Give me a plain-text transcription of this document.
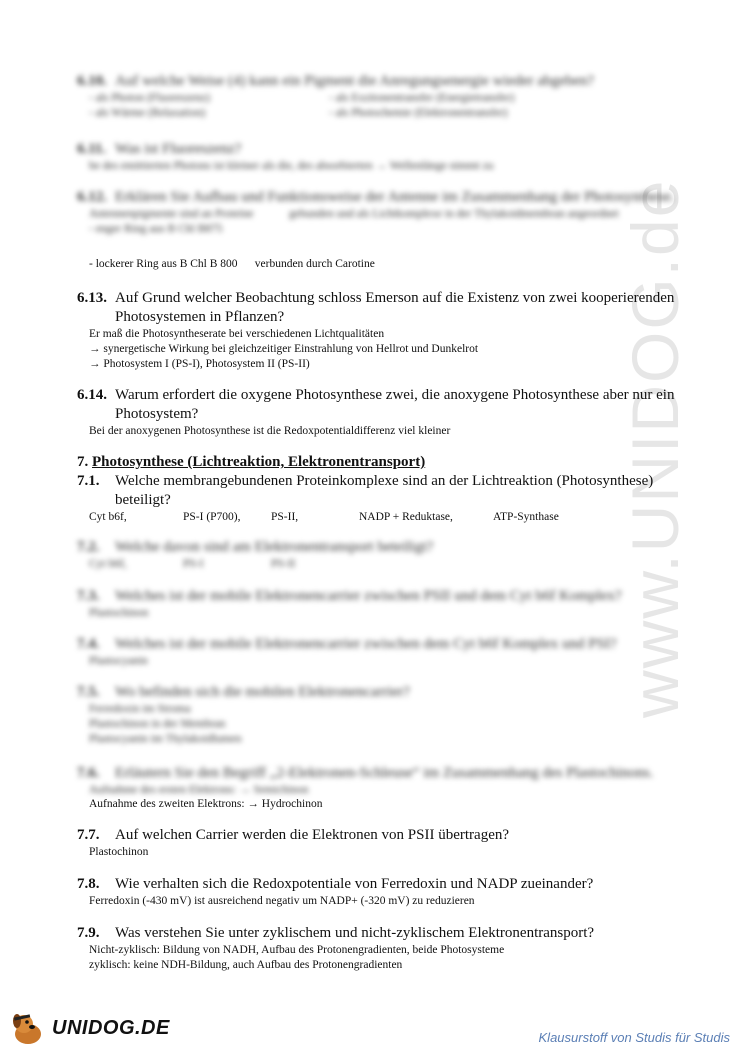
www.UNIDOG.de
6.10. Auf welche Weise (4) kann ein Pigment die Anregungsenergie wieder abgeben?
- als Photon (Fluoreszenz)	- als Exzitonentransfer (Energietransfer)
- als Wärme (Relaxation)	- als Photochemie (Elektronentransfer)
6.11. Was ist Fluoreszenz?
be des emittierten Photons ist kleiner als die, des absorbierten → Wellenlänge nimmt zu
6.12. Erklären Sie Aufbau und Funktionsweise der Antenne im Zusammenhang der Photosynthese.
Antennenpigmente sind an Proteine	gebunden und als Lichtkomplexe in der Thylakoidmembran angeordnet
- enger Ring aus B Chl B875
- lockerer Ring aus B Chl B 800      verbunden durch Carotine
6.13. Auf Grund welcher Beobachtung schloss Emerson auf die Existenz von zwei kooperierenden Photosystemen in Pflanzen?
Er maß die Photosyntheserate bei verschiedenen Lichtqualitäten
→ synergetische Wirkung bei gleichzeitiger Einstrahlung von Hellrot und Dunkelrot
→ Photosystem I (PS-I), Photosystem II (PS-II)
6.14. Warum erfordert die oxygene Photosynthese zwei, die anoxygene Photosynthese aber nur ein Photosystem?
Bei der anoxygenen Photosynthese ist die Redoxpotentialdifferenz viel kleiner
7. Photosynthese (Lichtreaktion, Elektronentransport)
7.1.	Welche membrangebundenen Proteinkomplexe sind an der Lichtreaktion (Photosynthese) beteiligt?
Cyt b6f,	PS-I (P700),	PS-II,	NADP + Reduktase,	ATP-Synthase
7.2.	Welche davon sind am Elektronentransport beteiligt?
Cyt b6f,	PS-I	PS-II
7.3.	Welches ist der mobile Elektronencarrier zwischen PSII und dem Cyt b6f Komplex?
Plastochinon
7.4.	Welches ist der mobile Elektronencarrier zwischen dem Cyt b6f Komplex und PSI?
Plastocyanin
7.5.	Wo befinden sich die mobilen Elektronencarrier?
Ferredoxin im Stroma
Plastochinon in der Membran
Plastocyanin im Thylakoidlumen
7.6.	Erläutern Sie den Begriff „2-Elektronen-Schleuse“ im Zusammenhang des Plastochinons.
Aufnahme des ersten Elektrons: → Semichinon
Aufnahme des zweiten Elektrons: → Hydrochinon
7.7.	Auf welchen Carrier werden die Elektronen von PSII übertragen?
Plastochinon
7.8.	Wie verhalten sich die Redoxpotentiale von Ferredoxin und NADP zueinander?
Ferredoxin (-430 mV) ist ausreichend negativ um NADP+ (-320 mV) zu reduzieren
7.9.	Was verstehen Sie unter zyklischem und nicht-zyklischem Elektronentransport?
Nicht-zyklisch: Bildung von NADH, Aufbau des Protonengradienten, beide Photosysteme
zyklisch: keine NDH-Bildung, auch Aufbau des Protonengradienten
UNIDOG.DE	Klausurstoff von Studis für Studis
